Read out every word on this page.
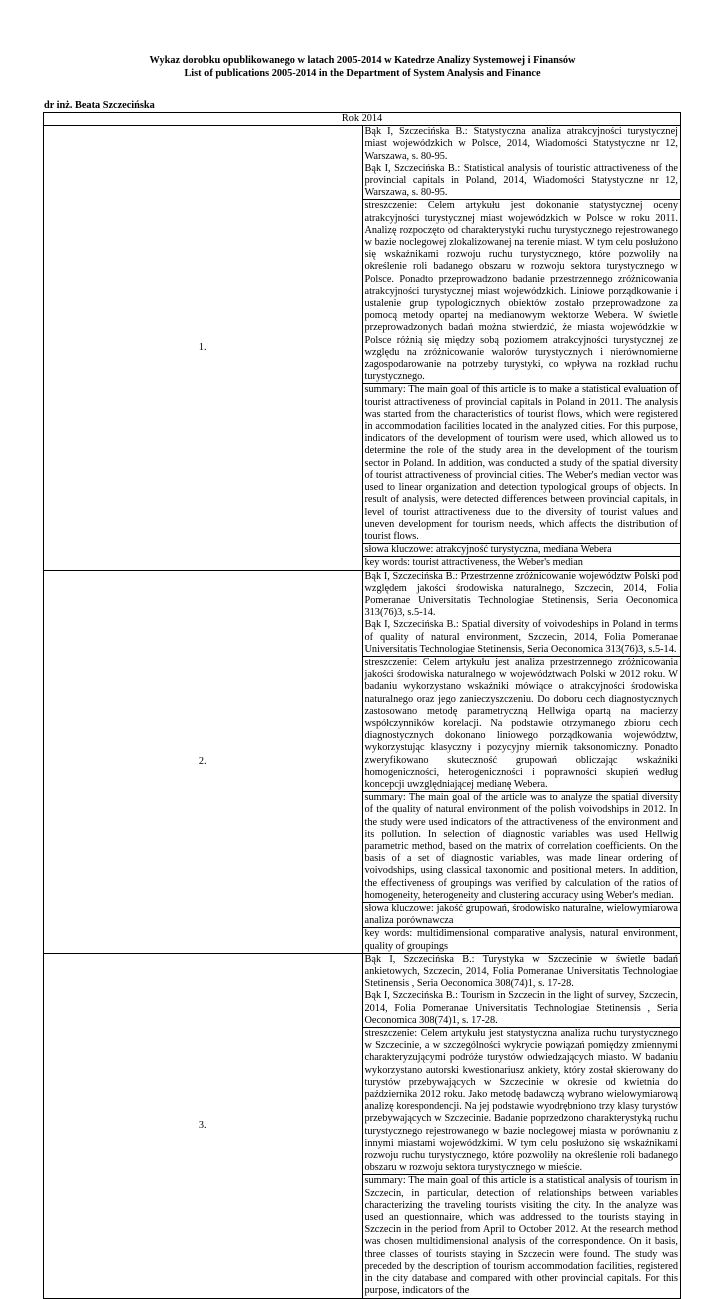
Wykaz dorobku opublikowanego w latach 2005-2014 w Katedrze Analizy Systemowej i Finansów
List of publications 2005-2014 in the Department of System Analysis and Finance
dr inż. Beata Szczecińska
Rok 2014	
1.	Bąk I, Szczecińska B.: Statystyczna analiza atrakcyjności turystycznej miast wojewódzkich w Polsce, 2014, Wiadomości Statystyczne nr 12, Warszawa, s. 80-95.

Bąk I, Szczecińska B.: Statistical analysis of touristic attractiveness of the provincial capitals in Poland, 2014, Wiadomości Statystyczne nr 12, Warszawa, s. 80-95.

	streszczenie: Celem artykułu jest dokonanie statystycznej oceny atrakcyjności turystycznej miast wojewódzkich w Polsce w roku 2011. Analizę rozpoczęto od charakterystyki ruchu turystycznego rejestrowanego w bazie noclegowej zlokalizowanej na terenie miast. W tym celu posłużono się wskaźnikami rozwoju ruchu turystycznego, które pozwoliły na określenie roli badanego obszaru w rozwoju sektora turystycznego w Polsce. Ponadto przeprowadzono badanie przestrzennego zróżnicowania atrakcyjności turystycznej miast wojewódzkich. Liniowe porządkowanie i ustalenie grup typologicznych obiektów zostało przeprowadzone za pomocą metody opartej na medianowym wektorze Webera. W świetle przeprowadzonych badań można stwierdzić, że miasta wojewódzkie w Polsce różnią się między sobą poziomem atrakcyjności turystycznej ze względu na zróżnicowanie walorów turystycznych i nierównomierne zagospodarowanie na potrzeby turystyki, co wpływa na rozkład ruchu turystycznego.
	summary: The main goal of this article is to make a statistical evaluation of tourist attractiveness of provincial capitals in Poland in 2011. The analysis was started from the characteristics of tourist flows, which were registered in accommodation facilities located in the analyzed cities. For this purpose, indicators of the development of tourism were used, which allowed us to determine the role of the study area in the development of the tourism sector in Poland. In addition, was conducted a study of the spatial diversity of tourist attractiveness of provincial cities. The Weber's median vector was used to linear organization and detection typological groups of objects. In result of analysis, were detected differences between provincial capitals, in level of tourist attractiveness due to the diversity of tourist values and uneven development for tourism needs, which affects the distribution of tourist flows.
	słowa kluczowe: atrakcyjność turystyczna, mediana Webera
	key words: tourist attractiveness, the Weber's median
2.	Bąk I, Szczecińska B.: Przestrzenne zróżnicowanie województw Polski pod względem jakości środowiska naturalnego, Szczecin, 2014, Folia Pomeranae Universitatis Technologiae Stetinensis, Seria Oeconomica 313(76)3, s.5-14.

Bąk I, Szczecińska B.: Spatial diversity of voivodeships in Poland in terms of quality of natural environment, Szczecin, 2014, Folia Pomeranae Universitatis Technologiae Stetinensis, Seria Oeconomica 313(76)3, s.5-14.

	streszczenie: Celem artykułu jest analiza przestrzennego zróżnicowania jakości środowiska naturalnego w województwach Polski w 2012 roku. W badaniu wykorzystano wskaźniki mówiące o atrakcyjności środowiska naturalnego oraz jego zanieczyszczeniu. Do doboru cech diagnostycznych zastosowano metodę parametryczną Hellwiga opartą na macierzy współczynników korelacji. Na podstawie otrzymanego zbioru cech diagnostycznych dokonano liniowego porządkowania województw, wykorzystując klasyczny i pozycyjny miernik taksonomiczny. Ponadto zweryfikowano skuteczność grupowań obliczając wskaźniki homogeniczności, heterogeniczności i poprawności skupień według koncepcji uwzględniającej medianę Webera.
	summary: The main goal of the article was to analyze the spatial diversity of the quality of natural environment of the polish voivodships in 2012. In the study were used indicators of the attractiveness of the environment and its pollution. In selection of diagnostic variables was used Hellwig parametric method, based on the matrix of correlation coefficients. On the basis of a set of diagnostic variables, was made linear ordering of voivodships, using classical taxonomic and positional meters. In addition, the effectiveness of groupings was verified by calculation of the ratios of homogeneity, heterogeneity and clustering accuracy using Weber's median.
	słowa kluczowe: jakość grupowań, środowisko naturalne, wielowymiarowa analiza porównawcza
	key words: multidimensional comparative analysis, natural environment, quality of groupings
3.	Bąk I, Szczecińska B.: Turystyka w Szczecinie w świetle badań ankietowych, Szczecin, 2014, Folia Pomeranae Universitatis Technologiae Stetinensis , Seria Oeconomica 308(74)1, s. 17-28.

Bąk I, Szczecińska B.: Tourism in Szczecin in the light of survey, Szczecin, 2014, Folia Pomeranae Universitatis Technologiae Stetinensis , Seria Oeconomica 308(74)1, s. 17-28.

	streszczenie: Celem artykułu jest statystyczna analiza ruchu turystycznego w Szczecinie, a w szczególności wykrycie powiązań pomiędzy zmiennymi charakteryzującymi podróże turystów odwiedzających miasto. W badaniu wykorzystano autorski kwestionariusz ankiety, który został skierowany do turystów przebywających w Szczecinie w okresie od kwietnia do października 2012 roku. Jako metodę badawczą wybrano wielowymiarową analizę korespondencji. Na jej podstawie wyodrębniono trzy klasy turystów przebywających w Szczecinie. Badanie poprzedzono charakterystyką ruchu turystycznego rejestrowanego w bazie noclegowej miasta w porównaniu z innymi miastami wojewódzkimi. W tym celu posłużono się wskaźnikami rozwoju ruchu turystycznego, które pozwoliły na określenie roli badanego obszaru w rozwoju sektora turystycznego w mieście.
	summary: The main goal of this article is a statistical analysis of tourism in Szczecin, in particular, detection of relationships between variables characterizing the traveling tourists visiting the city. In the analyze was used an questionnaire, which was addressed to the tourists staying in Szczecin in the period from April to October 2012. At the research method was chosen multidimensional analysis of the correspondence. On it basis, three classes of tourists staying in Szczecin were found. The study was preceded by the description of tourism accommodation facilities, registered in the city database and compared with other provincial capitals. For this purpose, indicators of the
